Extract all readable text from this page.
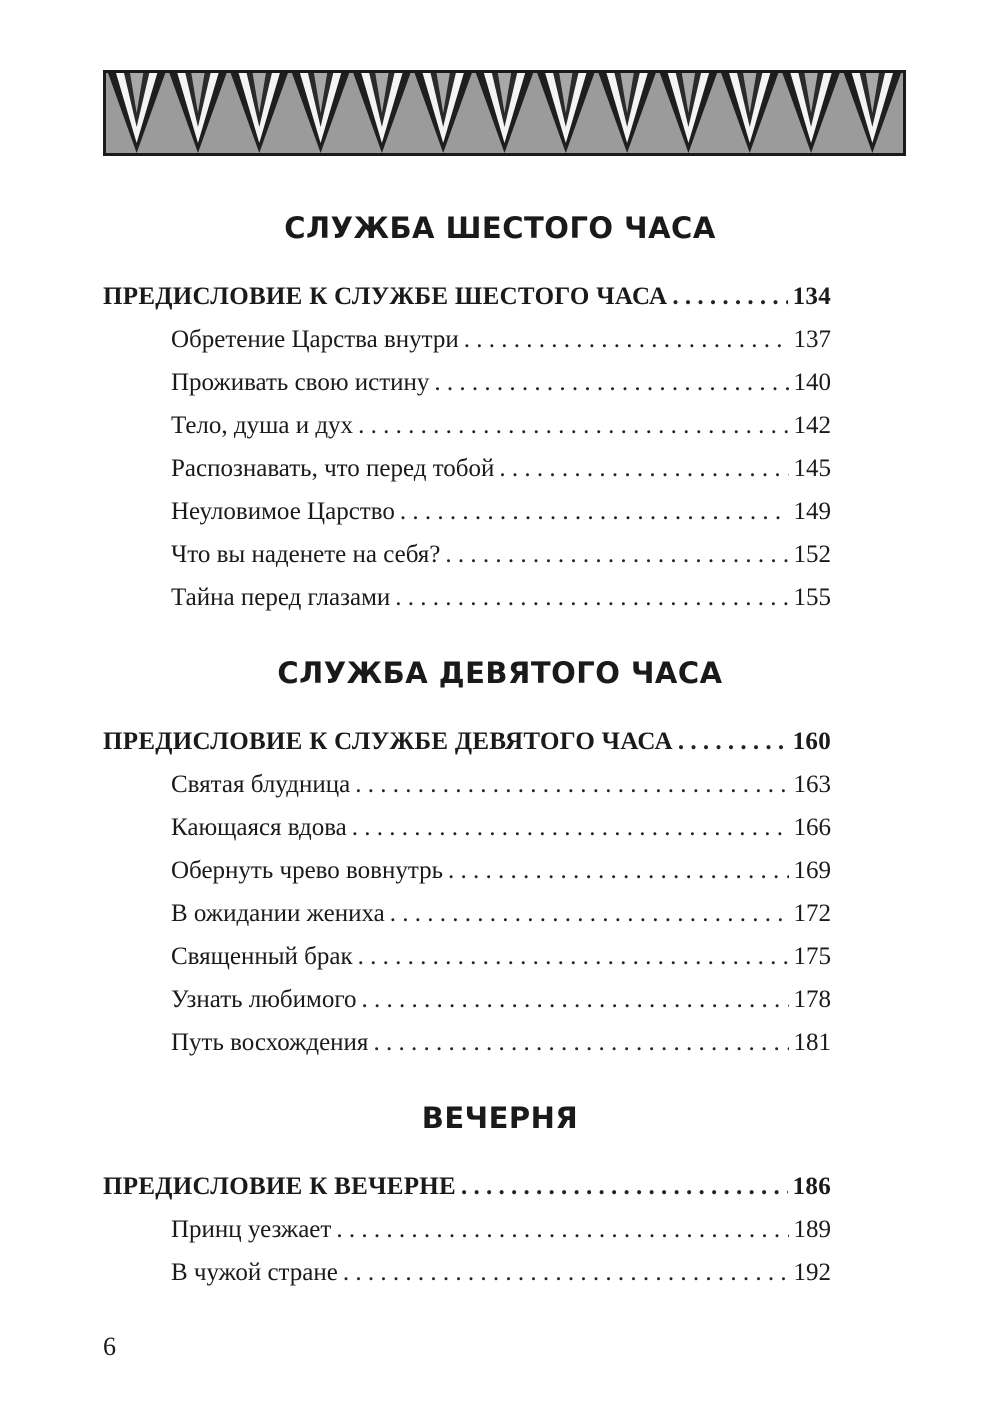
СЛУЖБА ШЕСТОГО ЧАСА
ПРЕДИСЛОВИЕ К СЛУЖБЕ ШЕСТОГО ЧАСА . . .	134
Обретение Царства внутри . . .	137
Проживать свою истину . . .	140
Тело, душа и дух . . .	142
Распознавать, что перед тобой . . .	145
Неуловимое Царство . . .	149
Что вы наденете на себя? . . .	152
Тайна перед глазами . . .	155
СЛУЖБА ДЕВЯТОГО ЧАСА
ПРЕДИСЛОВИЕ К СЛУЖБЕ ДЕВЯТОГО ЧАСА . . .	160
Святая блудница . . .	163
Кающаяся вдова . . .	166
Обернуть чрево вовнутрь . . .	169
В ожидании жениха . . .	172
Священный брак . . .	175
Узнать любимого . . .	178
Путь восхождения . . .	181
ВЕЧЕРНЯ
ПРЕДИСЛОВИЕ К ВЕЧЕРНЕ . . .	186
Принц уезжает . . .	189
В чужой стране . . .	192
6
